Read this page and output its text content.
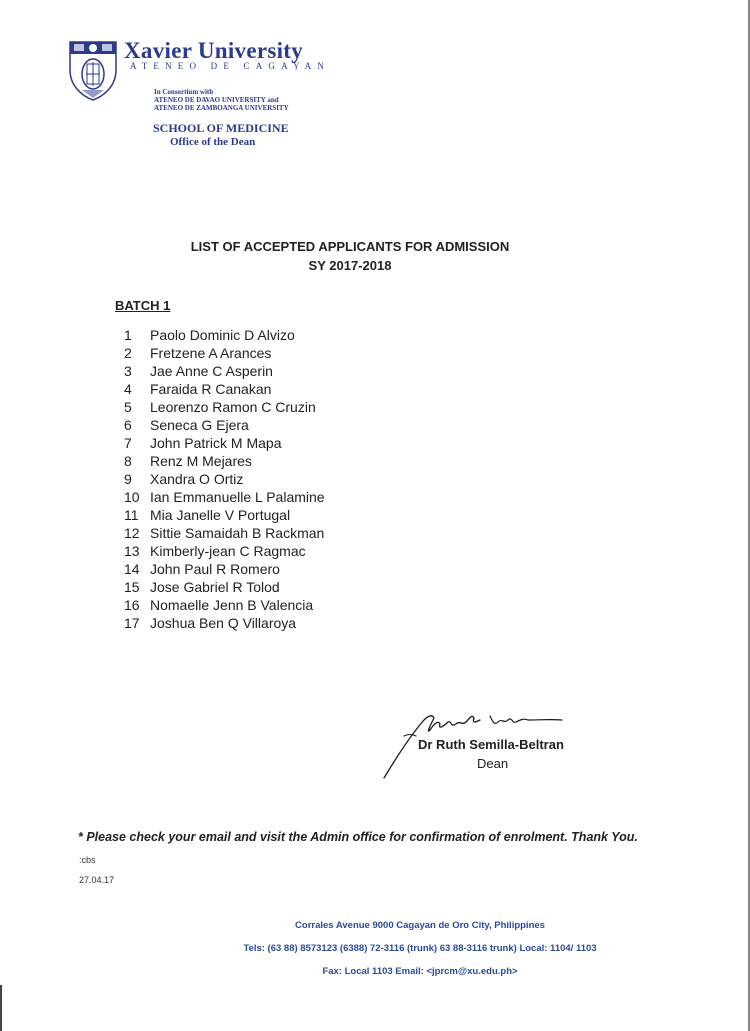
Xavier University
ATENEO DE CAGAYAN
In Consortium with
ATENEO DE DAVAO UNIVERSITY and
ATENEO DE ZAMBOANGA UNIVERSITY
SCHOOL OF MEDICINE
Office of the Dean
LIST OF ACCEPTED APPLICANTS FOR ADMISSION
SY 2017-2018
BATCH 1
1	Paolo Dominic D Alvizo
2	Fretzene A Arances
3	Jae Anne C Asperin
4	Faraida R Canakan
5	Leorenzo Ramon C Cruzin
6	Seneca G Ejera
7	John Patrick M Mapa
8	Renz M Mejares
9	Xandra O Ortiz
10 Ian Emmanuelle L Palamine
11 Mia Janelle V Portugal
12 Sittie Samaidah B Rackman
13 Kimberly-jean C Ragmac
14 John Paul R Romero
15 Jose Gabriel R Tolod
16 Nomaelle Jenn B Valencia
17 Joshua Ben Q Villaroya
Dr Ruth Semilla-Beltran
Dean
* Please check your email and visit the Admin office for confirmation of enrolment. Thank You.
:cbs
27.04.17
Corrales Avenue 9000 Cagayan de Oro City, Philippines
Tels: (63 88) 8573123 (6388) 72-3116 (trunk) 63 88-3116 trunk) Local: 1104/ 1103
Fax: Local 1103 Email: <jprcm@xu.edu.ph>
